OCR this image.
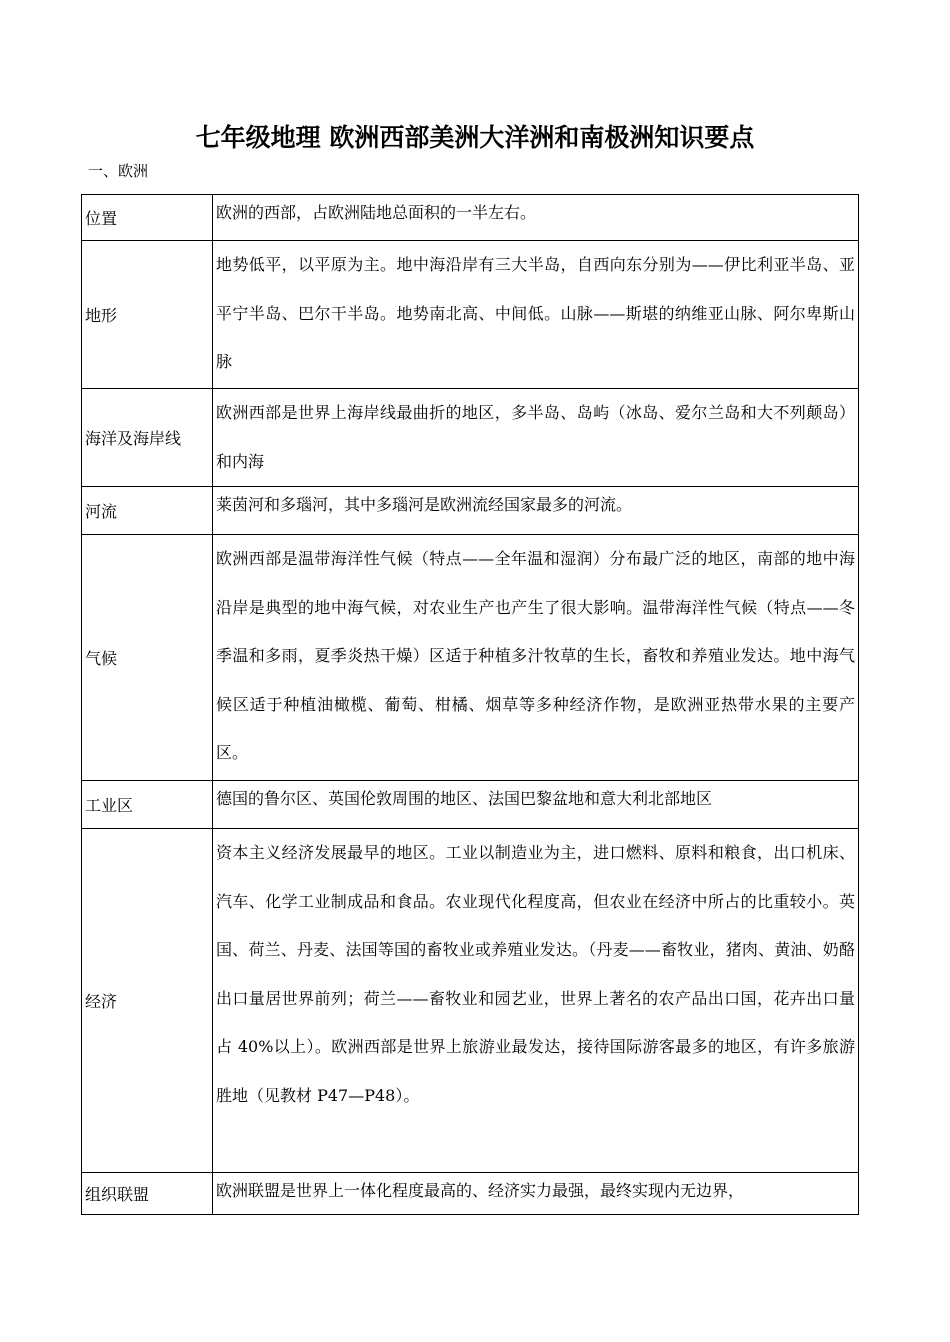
七年级地理 欧洲西部美洲大洋洲和南极洲知识要点
一、欧洲
位置	欧洲的西部，占欧洲陆地总面积的一半左右。
地形	地势低平，以平原为主。地中海沿岸有三大半岛，自西向东分别为——伊比利亚半岛、亚平宁半岛、巴尔干半岛。地势南北高、中间低。山脉——斯堪的纳维亚山脉、阿尔卑斯山脉
海洋及海岸线	欧洲西部是世界上海岸线最曲折的地区，多半岛、岛屿（冰岛、爱尔兰岛和大不列颠岛）和内海
河流	莱茵河和多瑙河，其中多瑙河是欧洲流经国家最多的河流。
气候	欧洲西部是温带海洋性气候（特点——全年温和湿润）分布最广泛的地区，南部的地中海沿岸是典型的地中海气候，对农业生产也产生了很大影响。温带海洋性气候（特点——冬季温和多雨，夏季炎热干燥）区适于种植多汁牧草的生长，畜牧和养殖业发达。地中海气候区适于种植油橄榄、葡萄、柑橘、烟草等多种经济作物，是欧洲亚热带水果的主要产区。
工业区	德国的鲁尔区、英国伦敦周围的地区、法国巴黎盆地和意大利北部地区
经济	资本主义经济发展最早的地区。工业以制造业为主，进口燃料、原料和粮食，出口机床、汽车、化学工业制成品和食品。农业现代化程度高，但农业在经济中所占的比重较小。英国、荷兰、丹麦、法国等国的畜牧业或养殖业发达。（丹麦——畜牧业，猪肉、黄油、奶酪出口量居世界前列；荷兰——畜牧业和园艺业，世界上著名的农产品出口国，花卉出口量占 40%以上）。欧洲西部是世界上旅游业最发达，接待国际游客最多的地区，有许多旅游胜地（见教材 P47—P48）。
组织联盟	欧洲联盟是世界上一体化程度最高的、经济实力最强，最终实现内无边界，
